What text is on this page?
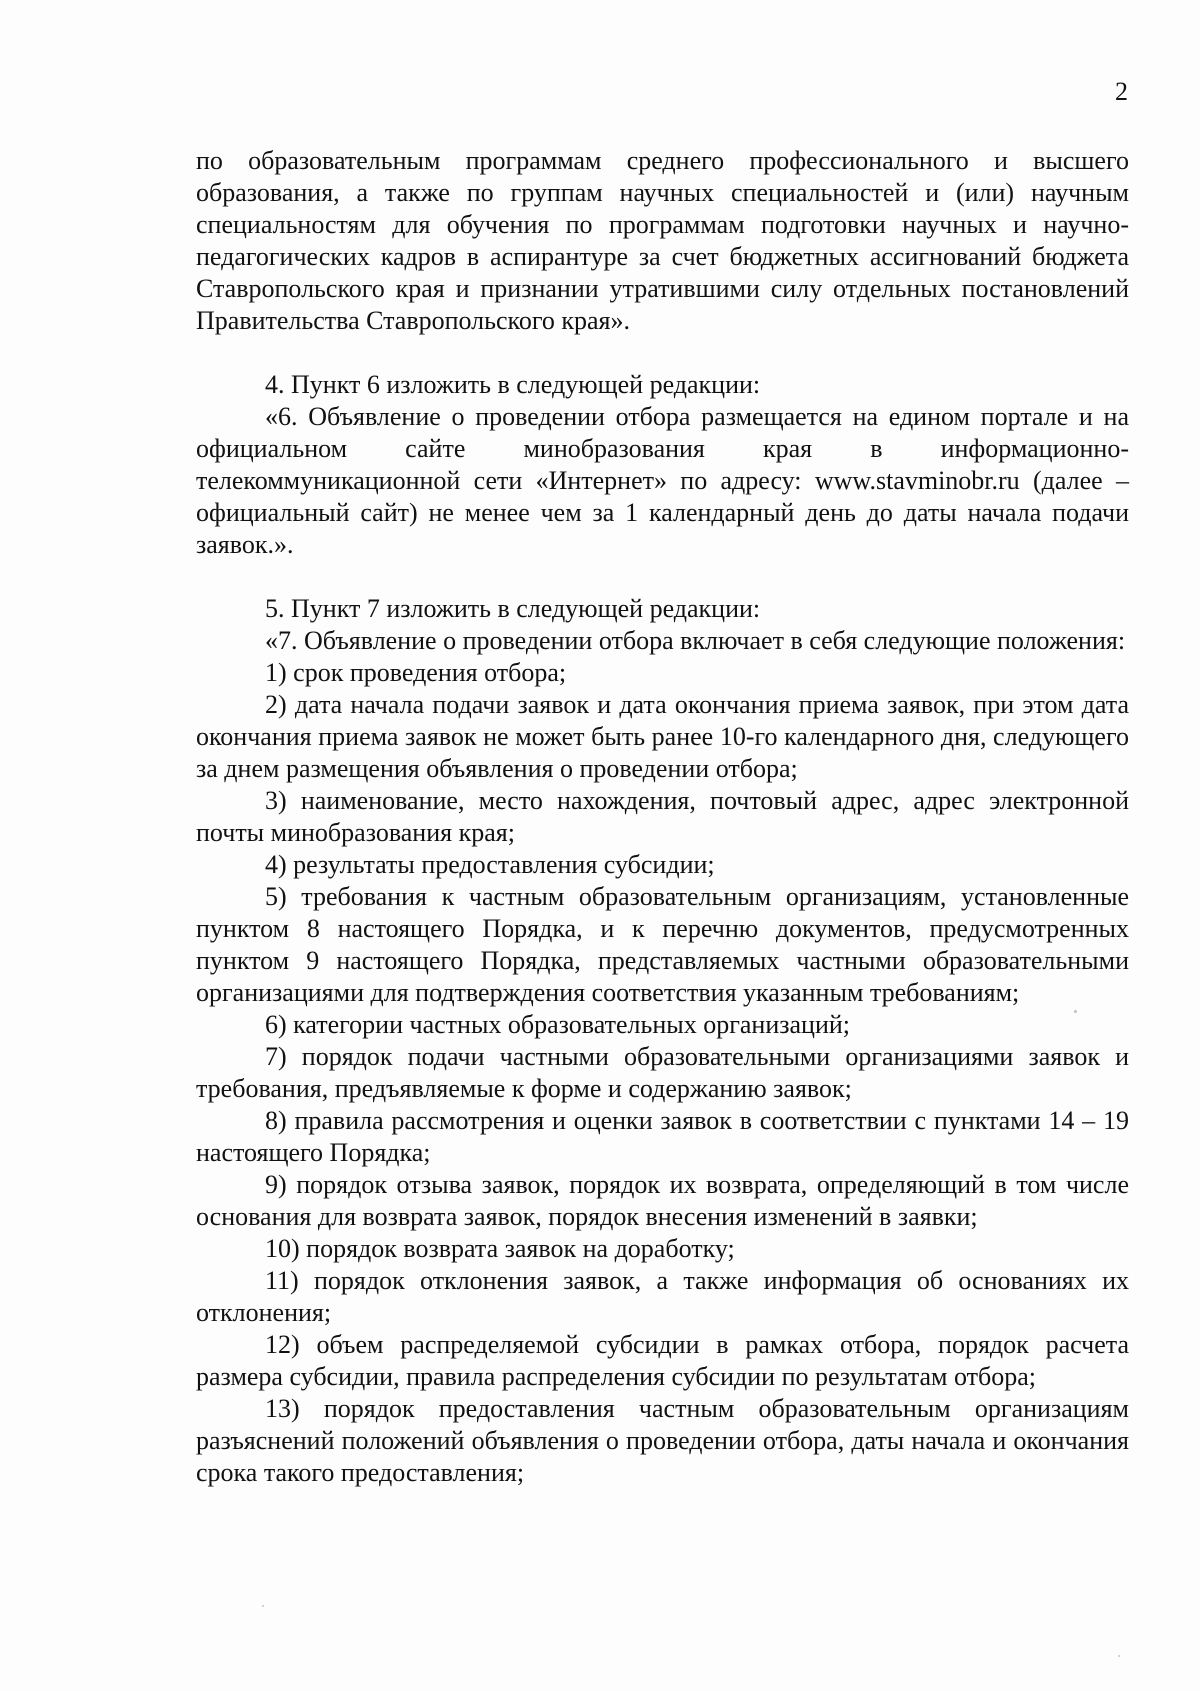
2

по образовательным программам среднего профессионального и высшего образования, а также по группам научных специальностей и (или) научным специальностям для обучения по программам подготовки научных и научно-педагогических кадров в аспирантуре за счет бюджетных ассигнований бюджета Ставропольского края и признании утратившими силу отдельных постановлений Правительства Ставропольского края».

4. Пункт 6 изложить в следующей редакции:

«6. Объявление о проведении отбора размещается на едином портале и на официальном сайте минобразования края в информационно-телекоммуникационной сети «Интернет» по адресу: www.stavminobr.ru (далее – официальный сайт) не менее чем за 1 календарный день до даты начала подачи заявок.».

5. Пункт 7 изложить в следующей редакции:

«7. Объявление о проведении отбора включает в себя следующие положения:

1) срок проведения отбора;

2) дата начала подачи заявок и дата окончания приема заявок, при этом дата окончания приема заявок не может быть ранее 10-го календарного дня, следующего за днем размещения объявления о проведении отбора;

3) наименование, место нахождения, почтовый адрес, адрес электронной почты минобразования края;

4) результаты предоставления субсидии;

5) требования к частным образовательным организациям, установленные пунктом 8 настоящего Порядка, и к перечню документов, предусмотренных пунктом 9 настоящего Порядка, представляемых частными образовательными организациями для подтверждения соответствия указанным требованиям;

6) категории частных образовательных организаций;

7) порядок подачи частными образовательными организациями заявок и требования, предъявляемые к форме и содержанию заявок;

8) правила рассмотрения и оценки заявок в соответствии с пунктами 14 – 19 настоящего Порядка;

9) порядок отзыва заявок, порядок их возврата, определяющий в том числе основания для возврата заявок, порядок внесения изменений в заявки;

10) порядок возврата заявок на доработку;

11) порядок отклонения заявок, а также информация об основаниях их отклонения;

12) объем распределяемой субсидии в рамках отбора, порядок расчета размера субсидии, правила распределения субсидии по результатам отбора;

13) порядок предоставления частным образовательным организациям разъяснений положений объявления о проведении отбора, даты начала и окончания срока такого предоставления;
